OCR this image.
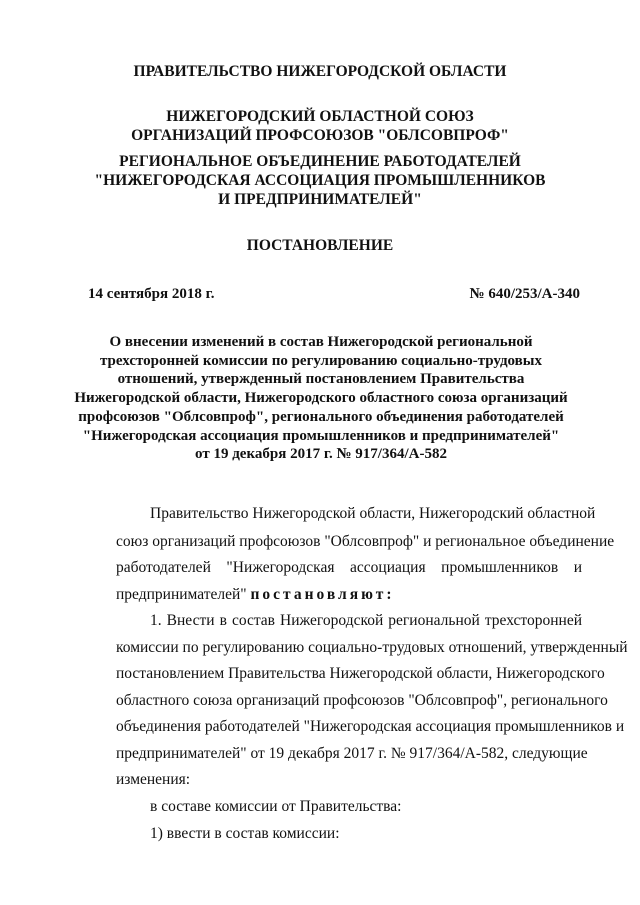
ПРАВИТЕЛЬСТВО НИЖЕГОРОДСКОЙ ОБЛАСТИ
НИЖЕГОРОДСКИЙ ОБЛАСТНОЙ СОЮЗ
ОРГАНИЗАЦИЙ ПРОФСОЮЗОВ "ОБЛСОВПРОФ"
РЕГИОНАЛЬНОЕ ОБЪЕДИНЕНИЕ РАБОТОДАТЕЛЕЙ
"НИЖЕГОРОДСКАЯ АССОЦИАЦИЯ ПРОМЫШЛЕННИКОВ
И ПРЕДПРИНИМАТЕЛЕЙ"
ПОСТАНОВЛЕНИЕ
14 сентября 2018 г.	№ 640/253/А-340
О внесении изменений в состав Нижегородской региональной
трехсторонней комиссии по регулированию социально-трудовых
отношений, утвержденный постановлением Правительства
Нижегородской области, Нижегородского областного союза организаций
профсоюзов "Облсовпроф", регионального объединения работодателей
"Нижегородская ассоциация промышленников и предпринимателей"
от 19 декабря 2017 г. № 917/364/А-582
Правительство Нижегородской области, Нижегородский областной
союз организаций профсоюзов "Облсовпроф" и региональное объединение
работодателей "Нижегородская ассоциация промышленников и
предпринимателей" постановляют:
1. Внести в состав Нижегородской региональной трехсторонней
комиссии по регулированию социально-трудовых отношений, утвержденный
постановлением Правительства Нижегородской области, Нижегородского
областного союза организаций профсоюзов "Облсовпроф", регионального
объединения работодателей "Нижегородская ассоциация промышленников и
предпринимателей" от 19 декабря 2017 г. № 917/364/А-582, следующие
изменения:
в составе комиссии от Правительства:
1) ввести в состав комиссии:
